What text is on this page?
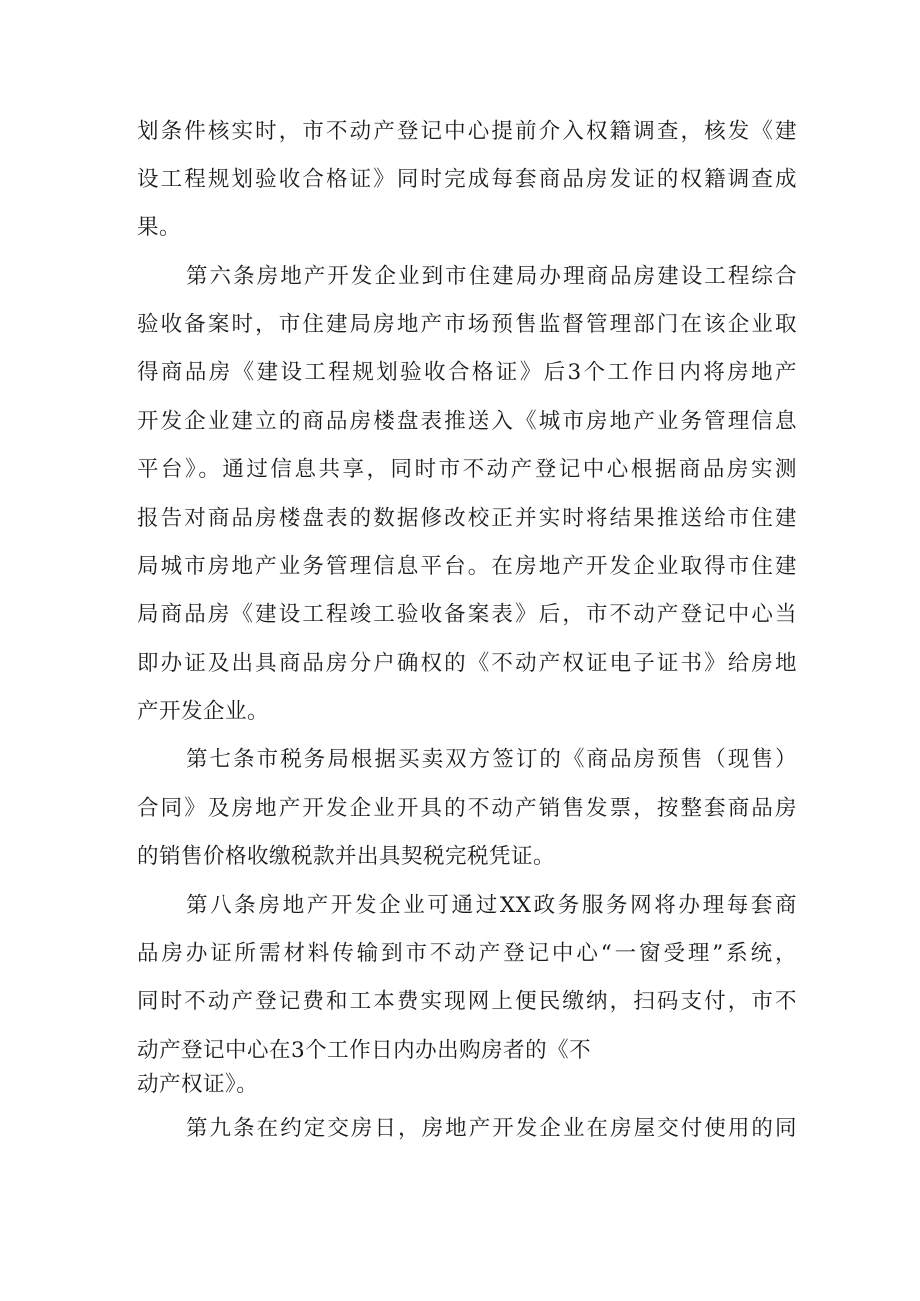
划条件核实时，市不动产登记中心提前介入权籍调查，核发《建
设工程规划验收合格证》同时完成每套商品房发证的权籍调查成
果。
第六条房地产开发企业到市住建局办理商品房建设工程综合
验收备案时，市住建局房地产市场预售监督管理部门在该企业取
得商品房《建设工程规划验收合格证》后3个工作日内将房地产
开发企业建立的商品房楼盘表推送入《城市房地产业务管理信息
平台》。通过信息共享，同时市不动产登记中心根据商品房实测
报告对商品房楼盘表的数据修改校正并实时将结果推送给市住建
局城市房地产业务管理信息平台。在房地产开发企业取得市住建
局商品房《建设工程竣工验收备案表》后，市不动产登记中心当
即办证及出具商品房分户确权的《不动产权证电子证书》给房地
产开发企业。
第七条市税务局根据买卖双方签订的《商品房预售（现售）
合同》及房地产开发企业开具的不动产销售发票，按整套商品房
的销售价格收缴税款并出具契税完税凭证。
第八条房地产开发企业可通过XX政务服务网将办理每套商
品房办证所需材料传输到市不动产登记中心“一窗受理”系统，
同时不动产登记费和工本费实现网上便民缴纳，扫码支付，市不
动产登记中心在3个工作日内办出购房者的《不
动产权证》。
第九条在约定交房日，房地产开发企业在房屋交付使用的同
